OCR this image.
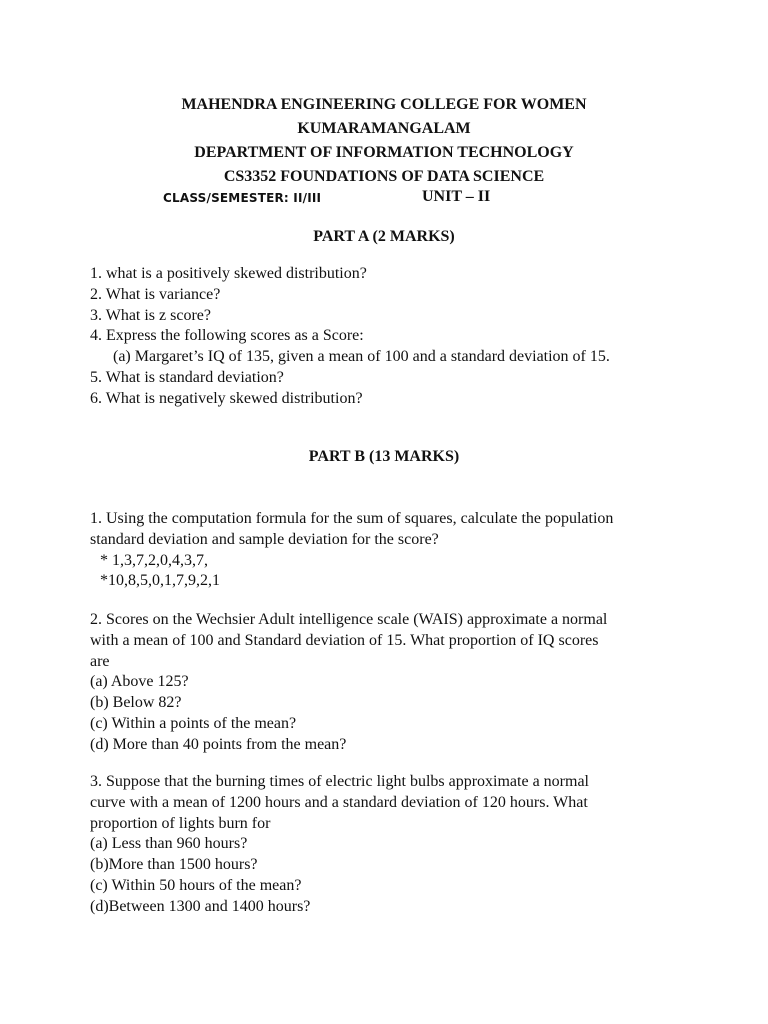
MAHENDRA ENGINEERING COLLEGE FOR WOMEN
KUMARAMANGALAM
DEPARTMENT OF INFORMATION TECHNOLOGY
CS3352 FOUNDATIONS OF DATA SCIENCE
CLASS/SEMESTER: II/III	UNIT – II
PART A (2 MARKS)
1. what is a positively skewed distribution?
2. What is variance?
3. What is z score?
4. Express the following scores as a Score:
(a) Margaret’s IQ of 135, given a mean of 100 and a standard deviation of 15.
5. What is standard deviation?
6. What is negatively skewed distribution?
PART B (13 MARKS)
1. Using the computation formula for the sum of squares, calculate the population
standard deviation and sample deviation for the score?
* 1,3,7,2,0,4,3,7,
*10,8,5,0,1,7,9,2,1
2. Scores on the Wechsier Adult intelligence scale (WAIS) approximate a normal
with a mean of 100 and Standard deviation of 15. What proportion of IQ scores
are
(a) Above 125?
(b) Below 82?
(c) Within a points of the mean?
(d) More than 40 points from the mean?
3. Suppose that the burning times of electric light bulbs approximate a normal
curve with a mean of 1200 hours and a standard deviation of 120 hours. What
proportion of lights burn for
(a) Less than 960 hours?
(b)More than 1500 hours?
(c) Within 50 hours of the mean?
(d)Between 1300 and 1400 hours?
